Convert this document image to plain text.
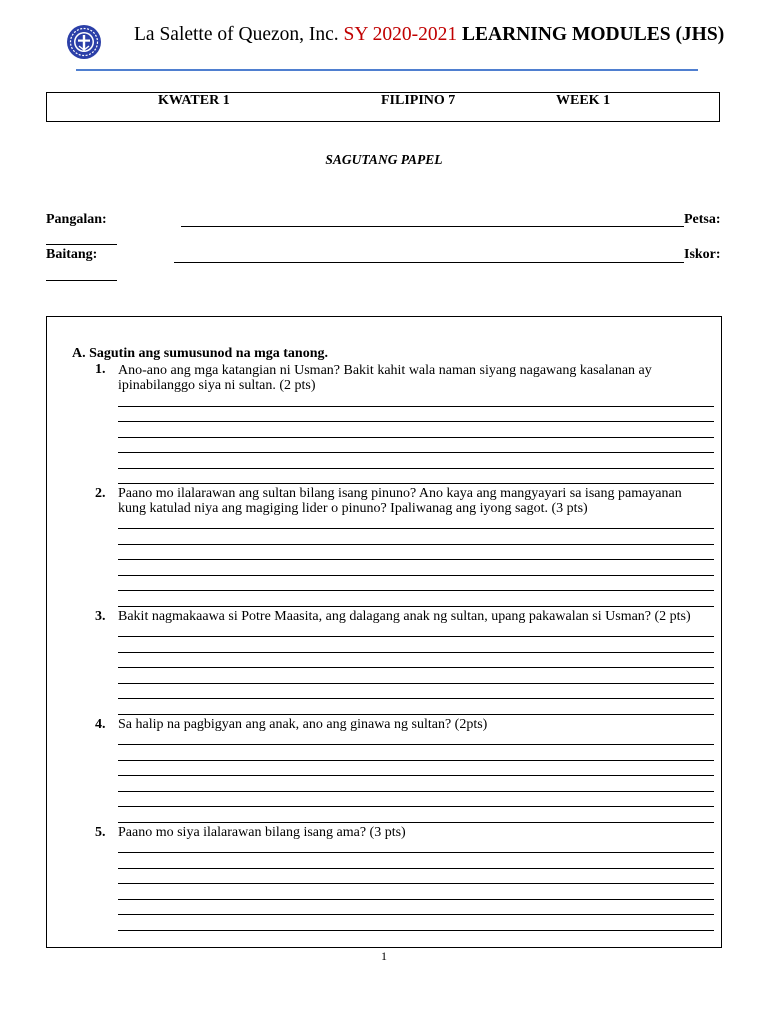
La Salette of Quezon, Inc. SY 2020-2021 LEARNING MODULES (JHS)
KWATER 1	FILIPINO 7	WEEK 1
SAGUTANG PAPEL
Pangalan:	Petsa:
Baitang:	Iskor:
A. Sagutin ang sumusunod na mga tanong.
1. Ano-ano ang mga katangian ni Usman? Bakit kahit wala naman siyang nagawang kasalanan ay
ipinabilanggo siya ni sultan. (2 pts)
2. Paano mo ilalarawan ang sultan bilang isang pinuno? Ano kaya ang mangyayari sa isang pamayanan
kung katulad niya ang magiging lider o pinuno? Ipaliwanag ang iyong sagot. (3 pts)
3. Bakit nagmakaawa si Potre Maasita, ang dalagang anak ng sultan, upang pakawalan si Usman? (2 pts)
4. Sa halip na pagbigyan ang anak, ano ang ginawa ng sultan? (2pts)
5. Paano mo siya ilalarawan bilang isang ama? (3 pts)
1
